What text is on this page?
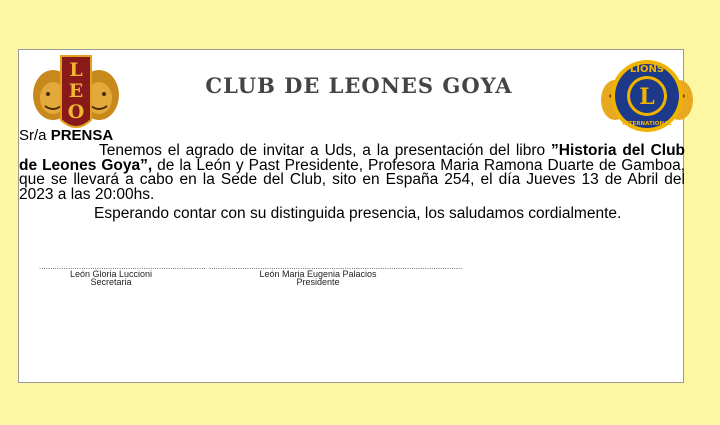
L
E
O
CLUB DE LEONES GOYA
LIONS
L
INTERNATIONAL
Sr/a PRENSA
Tenemos el agrado de invitar a Uds, a la presentación del libro ”Historia del Club de Leones Goya”, de la León y Past Presidente, Profesora Maria Ramona Duarte de Gamboa, que se llevará a cabo en la Sede del Club, sito en España 254, el día Jueves 13 de Abril del 2023 a las 20:00hs.
Esperando contar con su distinguida presencia, los saludamos cordialmente.
...........................................................................
León Gloria Luccioni
Secretaria
..................................................................................................................
León Maria Eugenia Palacios
Presidente
